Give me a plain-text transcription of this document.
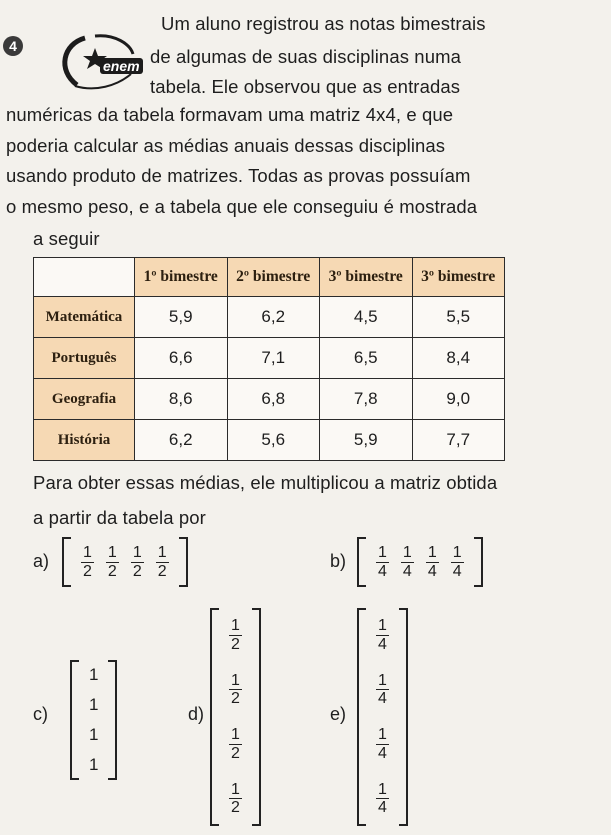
4
enem
Um aluno registrou as notas bimestrais
de algumas de suas disciplinas numa
tabela. Ele observou que as entradas
numéricas da tabela formavam uma matriz 4x4, e que
poderia calcular as médias anuais dessas disciplinas
usando produto de matrizes. Todas as provas possuíam
o mesmo peso, e a tabela que ele conseguiu é mostrada
	1º bimestre	2º bimestre	3º bimestre	3º bimestre
Matemática	5,9	6,2	4,5	5,5
Português	6,6	7,1	6,5	8,4
Geografia	8,6	6,8	7,8	9,0
História	6,2	5,6	5,9	7,7
Para obter essas médias, ele multiplicou a matriz obtida
a partir da tabela por
$a) \frac{1}{2} \frac{1}{2} \frac{1}{2} \frac{1}{2}$	$b) \frac{1}{4} \frac{1}{4} \frac{1}{4} \frac{1}{4}$
c)
1
1
1
1
d)
$\frac{1}{2}$
$\frac{1}{2}$
$\frac{1}{2}$
$\frac{1}{2}$
e)
$\frac{1}{4}$
$\frac{1}{4}$
$\frac{1}{4}$
$\frac{1}{4}$
a seguir
